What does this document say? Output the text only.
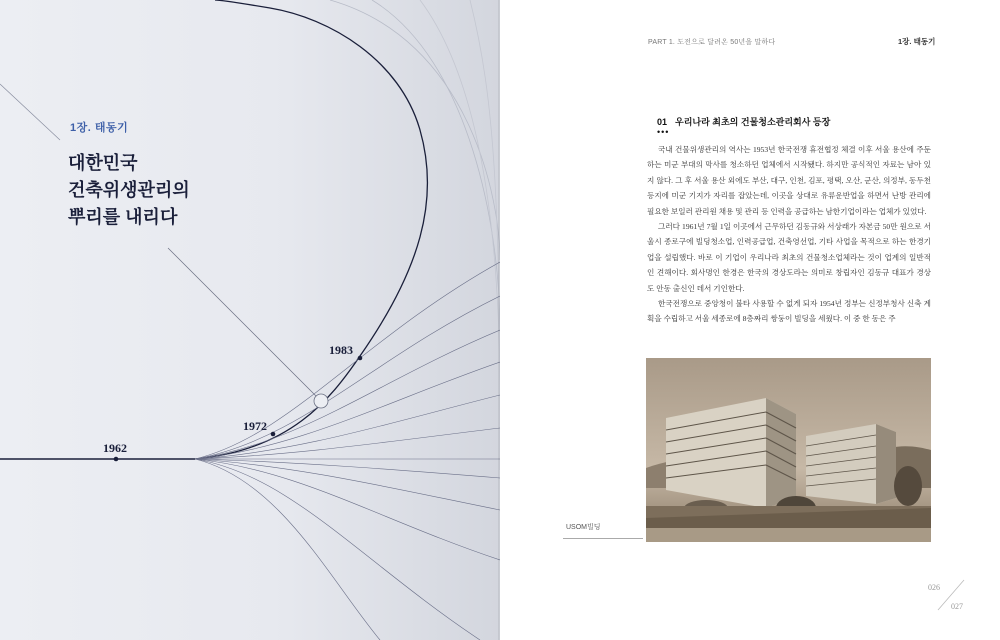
1장. 태동기
대한민국
건축위생관리의
뿌리를 내리다
1962
1972
1983
PART 1. 도전으로 달려온 50년을 말하다	1장. 태동기
01 우리나라 최초의 건물청소관리회사 등장
•••

국내 건물위생관리의 역사는 1953년 한국전쟁 휴전협정 체결 이후 서울 용산에 주둔하는 미군 부대의 막사를 청소하던 업체에서 시작됐다. 하지만 공식적인 자료는 남아 있지 않다. 그 후 서울 용산 외에도 부산, 대구, 인천, 김포, 평택, 오산, 군산, 의정부, 동두천 등지에 미군 기지가 자리를 잡았는데, 이곳을 상대로 유류운반업을 하면서 난방 관리에 필요한 보일러 관리원 채용 및 관리 등 인력을 공급하는 남한기업이라는 업체가 있었다.

그러다 1961년 7월 1일 이곳에서 근무하던 김동규와 서상래가 자본금 50만 원으로 서울시 종로구에 빌딩청소업, 인력공급업, 건축영선업, 기타 사업을 목적으로 하는 한경기업을 설립했다. 바로 이 기업이 우리나라 최초의 건물청소업체라는 것이 업계의 일반적인 견해이다. 회사명인 한경은 한국의 경상도라는 의미로 창립자인 김동규 대표가 경상도 안동 출신인 데서 기인한다.

한국전쟁으로 중앙청이 불타 사용할 수 없게 되자 1954년 정부는 신정부청사 신축 계획을 수립하고 서울 세종로에 8층짜리 쌍둥이 빌딩을 세웠다. 이 중 한 동은 주

USOM빌딩
026
027
